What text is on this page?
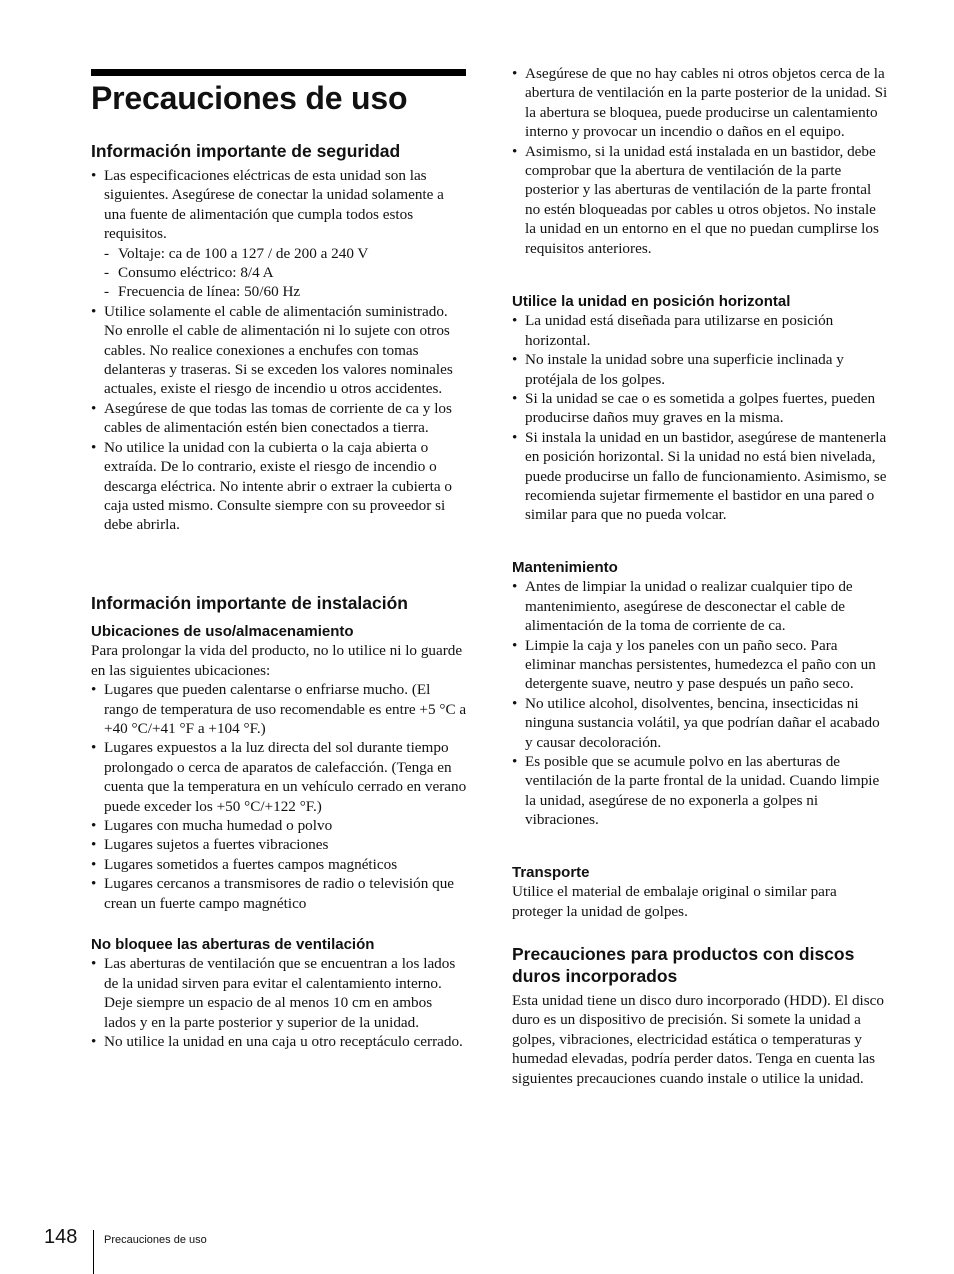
Precauciones de uso
Información importante de seguridad
• Las especificaciones eléctricas de esta unidad son las siguientes. Asegúrese de conectar la unidad solamente a una fuente de alimentación que cumpla todos estos requisitos.
- Voltaje: ca de 100 a 127 / de 200 a 240 V
- Consumo eléctrico: 8/4 A
- Frecuencia de línea: 50/60 Hz
• Utilice solamente el cable de alimentación suministrado. No enrolle el cable de alimentación ni lo sujete con otros cables. No realice conexiones a enchufes con tomas delanteras y traseras. Si se exceden los valores nominales actuales, existe el riesgo de incendio u otros accidentes.
• Asegúrese de que todas las tomas de corriente de ca y los cables de alimentación estén bien conectados a tierra.
• No utilice la unidad con la cubierta o la caja abierta o extraída. De lo contrario, existe el riesgo de incendio o descarga eléctrica. No intente abrir o extraer la cubierta o caja usted mismo. Consulte siempre con su proveedor si debe abrirla.
Información importante de instalación
Ubicaciones de uso/almacenamiento

Para prolongar la vida del producto, no lo utilice ni lo guarde en las siguientes ubicaciones:

• Lugares que pueden calentarse o enfriarse mucho. (El rango de temperatura de uso recomendable es entre +5 °C a +40 °C/+41 °F a +104 °F.)
• Lugares expuestos a la luz directa del sol durante tiempo prolongado o cerca de aparatos de calefacción. (Tenga en cuenta que la temperatura en un vehículo cerrado en verano puede exceder los +50 °C/+122 °F.)
• Lugares con mucha humedad o polvo
• Lugares sujetos a fuertes vibraciones
• Lugares sometidos a fuertes campos magnéticos
• Lugares cercanos a transmisores de radio o televisión que crean un fuerte campo magnético
No bloquee las aberturas de ventilación
• Las aberturas de ventilación que se encuentran a los lados de la unidad sirven para evitar el calentamiento interno. Deje siempre un espacio de al menos 10 cm en ambos lados y en la parte posterior y superior de la unidad.
• No utilice la unidad en una caja u otro receptáculo cerrado.
• Asegúrese de que no hay cables ni otros objetos cerca de la abertura de ventilación en la parte posterior de la unidad. Si la abertura se bloquea, puede producirse un calentamiento interno y provocar un incendio o daños en el equipo.
• Asimismo, si la unidad está instalada en un bastidor, debe comprobar que la abertura de ventilación de la parte posterior y las aberturas de ventilación de la parte frontal no estén bloqueadas por cables u otros objetos. No instale la unidad en un entorno en el que no puedan cumplirse los requisitos anteriores.
Utilice la unidad en posición horizontal
• La unidad está diseñada para utilizarse en posición horizontal.
• No instale la unidad sobre una superficie inclinada y protéjala de los golpes.
• Si la unidad se cae o es sometida a golpes fuertes, pueden producirse daños muy graves en la misma.
• Si instala la unidad en un bastidor, asegúrese de mantenerla en posición horizontal. Si la unidad no está bien nivelada, puede producirse un fallo de funcionamiento. Asimismo, se recomienda sujetar firmemente el bastidor en una pared o similar para que no pueda volcar.
Mantenimiento
• Antes de limpiar la unidad o realizar cualquier tipo de mantenimiento, asegúrese de desconectar el cable de alimentación de la toma de corriente de ca.
• Limpie la caja y los paneles con un paño seco. Para eliminar manchas persistentes, humedezca el paño con un detergente suave, neutro y pase después un paño seco.
• No utilice alcohol, disolventes, bencina, insecticidas ni ninguna sustancia volátil, ya que podrían dañar el acabado y causar decoloración.
• Es posible que se acumule polvo en las aberturas de ventilación de la parte frontal de la unidad. Cuando limpie la unidad, asegúrese de no exponerla a golpes ni vibraciones.
Transporte

Utilice el material de embalaje original o similar para proteger la unidad de golpes.

Precauciones para productos con discos duros incorporados

Esta unidad tiene un disco duro incorporado (HDD). El disco duro es un dispositivo de precisión. Si somete la unidad a golpes, vibraciones, electricidad estática o temperaturas y humedad elevadas, podría perder datos. Tenga en cuenta las siguientes precauciones cuando instale o utilice la unidad.

148 Precauciones de uso
